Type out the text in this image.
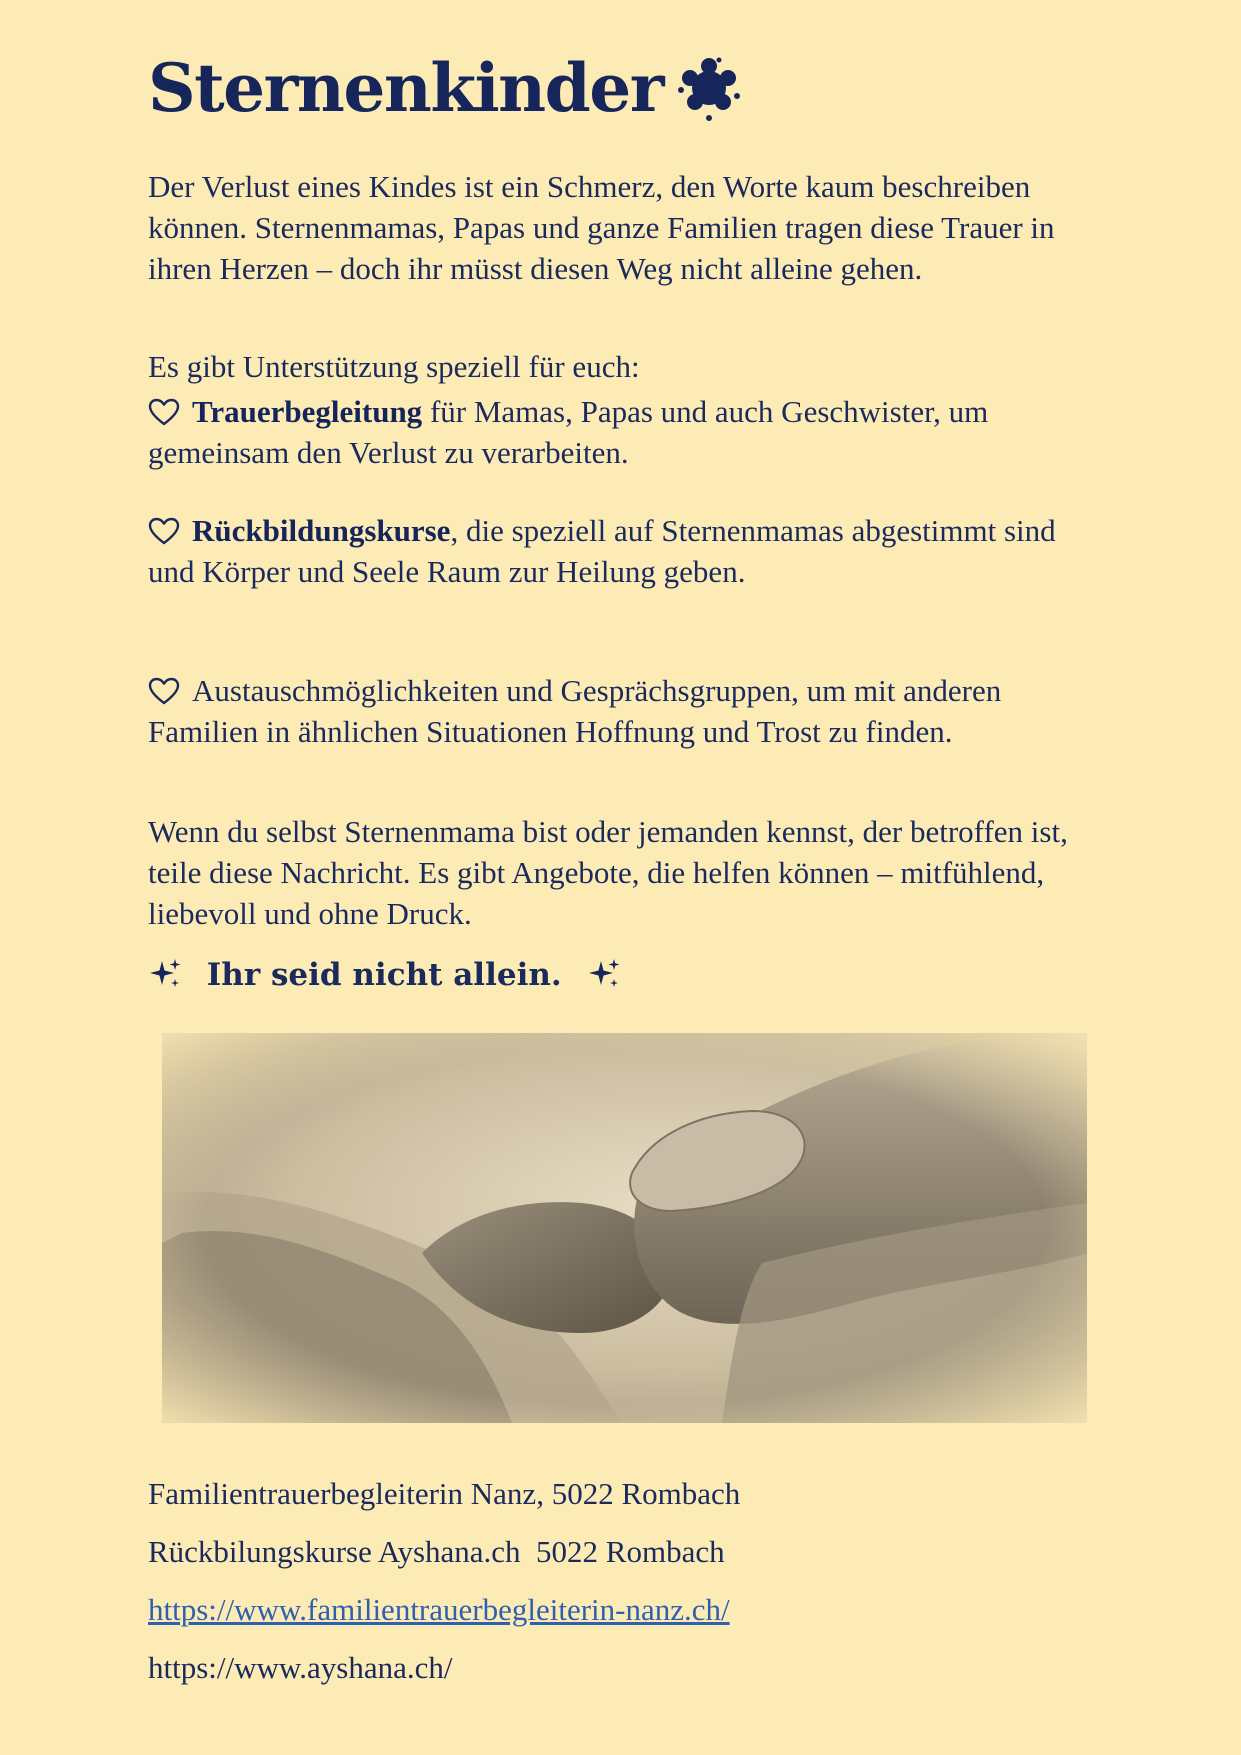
Sternenkinder

Der Verlust eines Kindes ist ein Schmerz, den Worte kaum beschreiben können. Sternenmamas, Papas und ganze Familien tragen diese Trauer in ihren Herzen – doch ihr müsst diesen Weg nicht alleine gehen.

Es gibt Unterstützung speziell für euch:

Trauerbegleitung für Mamas, Papas und auch Geschwister, um gemeinsam den Verlust zu verarbeiten.

Rückbildungskurse, die speziell auf Sternenmamas abgestimmt sind und Körper und Seele Raum zur Heilung geben.

Austauschmöglichkeiten und Gesprächsgruppen, um mit anderen Familien in ähnlichen Situationen Hoffnung und Trost zu finden.

Wenn du selbst Sternenmama bist oder jemanden kennst, der betroffen ist, teile diese Nachricht. Es gibt Angebote, die helfen können – mitfühlend, liebevoll und ohne Druck.

Ihr seid nicht allein.
Familientrauerbegleiterin Nanz, 5022 Rombach
Rückbilungskurse Ayshana.ch  5022 Rombach
https://www.familientrauerbegleiterin-nanz.ch/
https://www.ayshana.ch/
